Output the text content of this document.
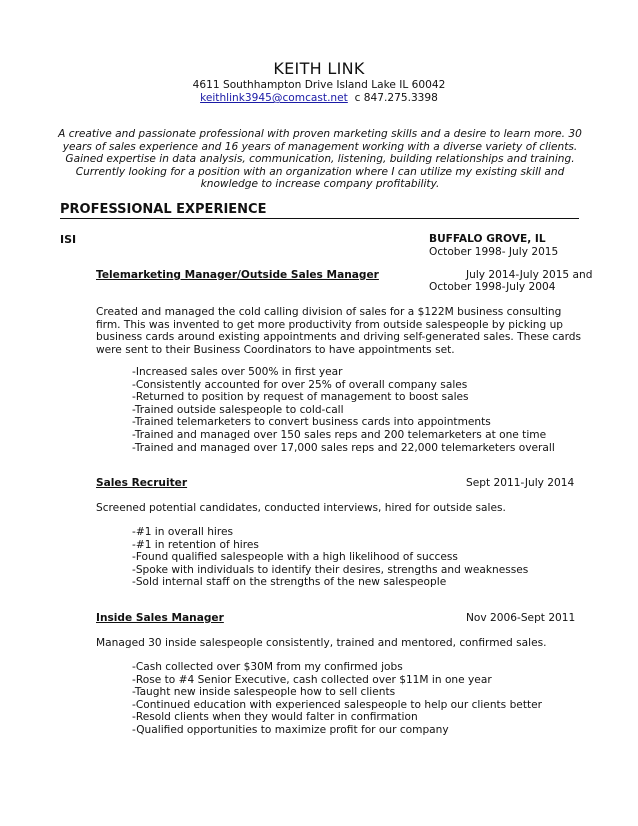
KEITH LINK
4611 Southhampton Drive Island Lake IL 60042
keithlink3945@comcast.net c 847.275.3398
A creative and passionate professional with proven marketing skills and a desire to learn more. 30 years of sales experience and 16 years of management working with a diverse variety of clients. Gained expertise in data analysis, communication, listening, building relationships and training. Currently looking for a position with an organization where I can utilize my existing skill and knowledge to increase company profitability.
PROFESSIONAL EXPERIENCE
ISI	BUFFALO GROVE, IL
October 1998- July 2015
Telemarketing Manager/Outside Sales Manager	July 2014-July 2015 and
October 1998-July 2004
Created and managed the cold calling division of sales for a $122M business consulting firm. This was invented to get more productivity from outside salespeople by picking up business cards around existing appointments and driving self-generated sales. These cards were sent to their Business Coordinators to have appointments set.
-Increased sales over 500% in first year
-Consistently accounted for over 25% of overall company sales
-Returned to position by request of management to boost sales
-Trained outside salespeople to cold-call
-Trained telemarketers to convert business cards into appointments
-Trained and managed over 150 sales reps and 200 telemarketers at one time
-Trained and managed over 17,000 sales reps and 22,000 telemarketers overall
Sales Recruiter	Sept 2011-July 2014
Screened potential candidates, conducted interviews, hired for outside sales.
-#1 in overall hires
-#1 in retention of hires
-Found qualified salespeople with a high likelihood of success
-Spoke with individuals to identify their desires, strengths and weaknesses
-Sold internal staff on the strengths of the new salespeople
Inside Sales Manager	Nov 2006-Sept 2011
Managed 30 inside salespeople consistently, trained and mentored, confirmed sales.
-Cash collected over $30M from my confirmed jobs
-Rose to #4 Senior Executive, cash collected over $11M in one year
-Taught new inside salespeople how to sell clients
-Continued education with experienced salespeople to help our clients better
-Resold clients when they would falter in confirmation
-Qualified opportunities to maximize profit for our company
